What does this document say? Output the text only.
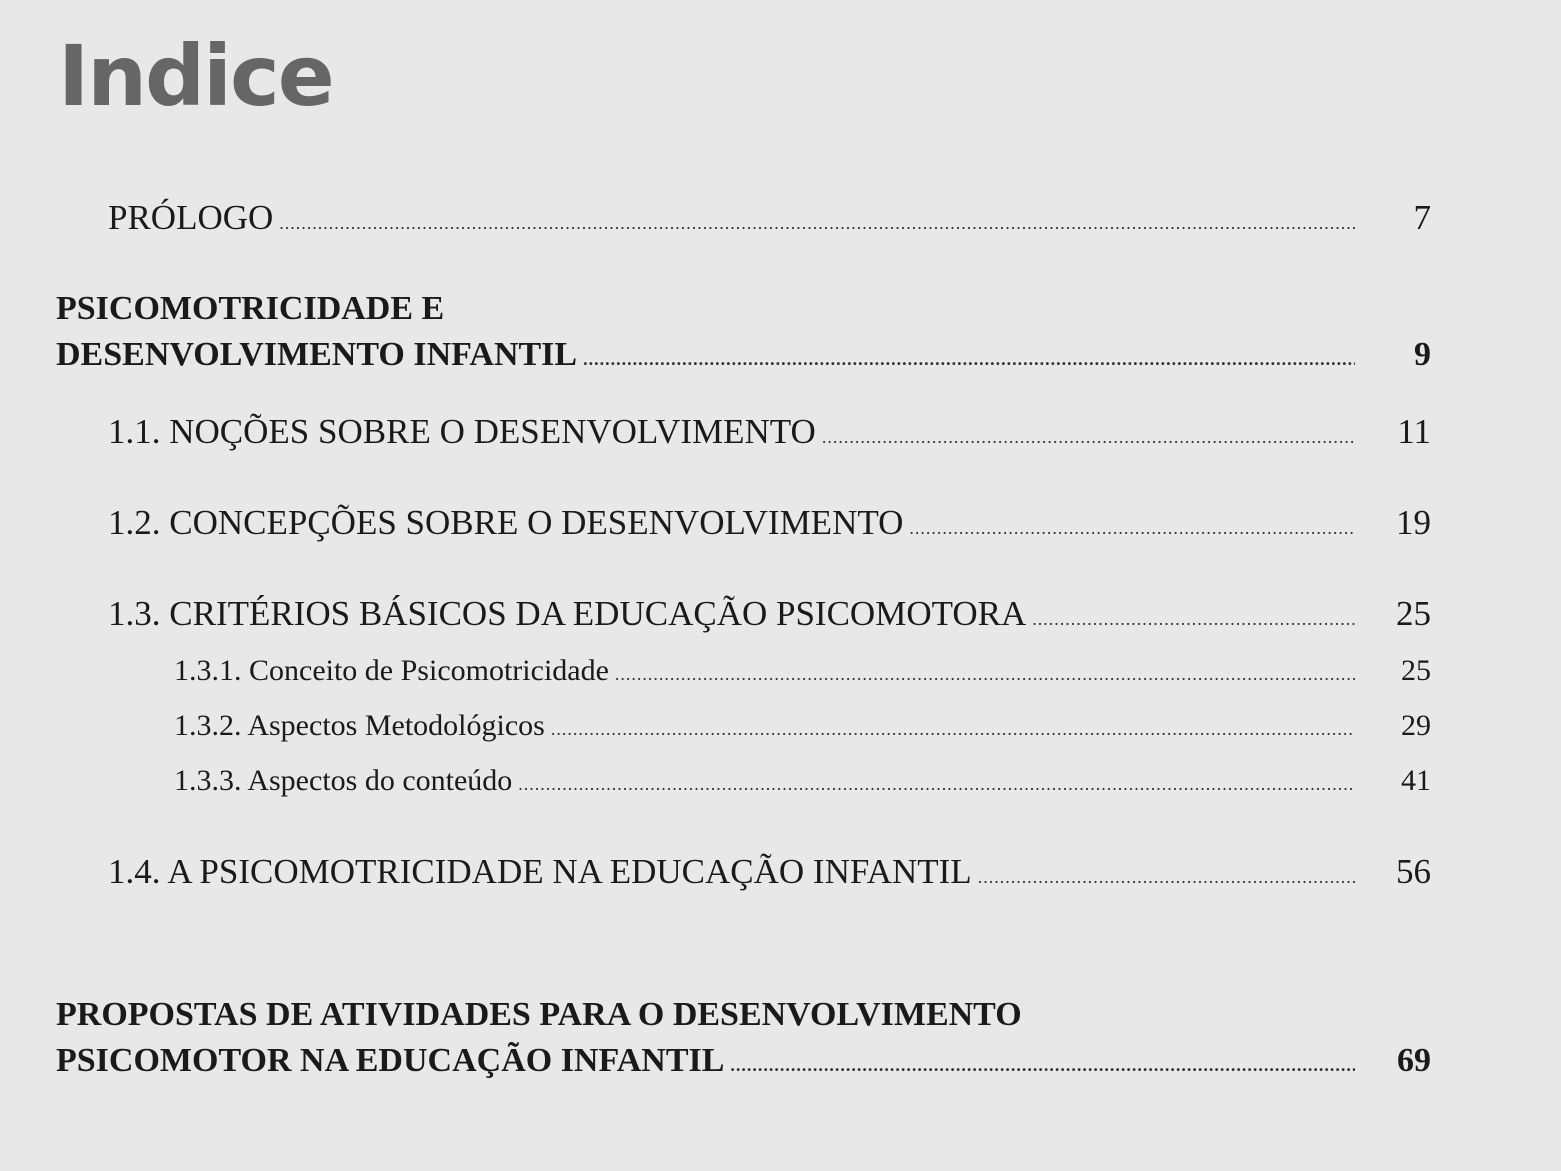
Indice
PRÓLOGO .....	7
PSICOMOTRICIDADE E
DESENVOLVIMENTO INFANTIL .....	9
1.1. NOÇÕES SOBRE O DESENVOLVIMENTO .....	11
1.2. CONCEPÇÕES SOBRE O DESENVOLVIMENTO .....	19
1.3. CRITÉRIOS BÁSICOS DA EDUCAÇÃO PSICOMOTORA .....	25
1.3.1. Conceito de Psicomotricidade .....	25
1.3.2. Aspectos Metodológicos .....	29
1.3.3. Aspectos do conteúdo .....	41
1.4. A PSICOMOTRICIDADE NA EDUCAÇÃO INFANTIL .....	56
PROPOSTAS DE ATIVIDADES PARA O DESENVOLVIMENTO
PSICOMOTOR NA EDUCAÇÃO INFANTIL .....	69
